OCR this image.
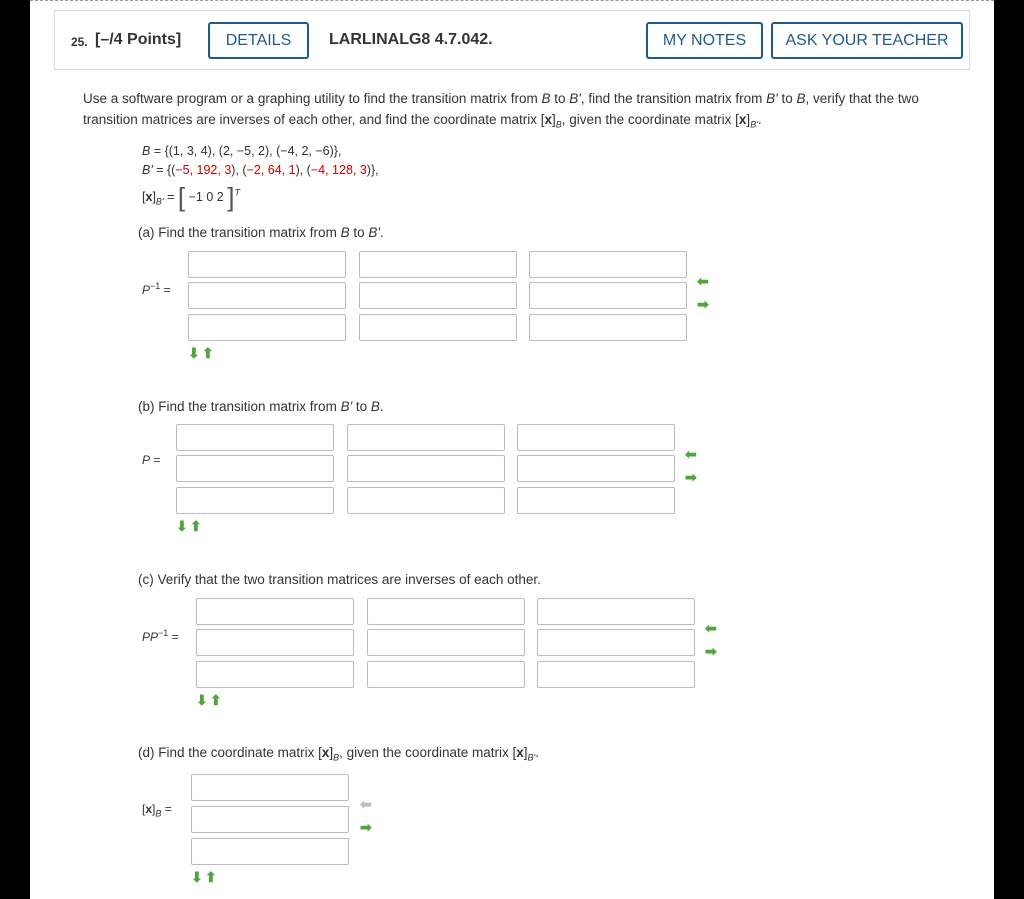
25. [–/4 Points]	DETAILS	LARLINALG8 4.7.042.	MY NOTES	ASK YOUR TEACHER
Use a software program or a graphing utility to find the transition matrix from B to B', find the transition matrix from B' to B, verify that the two transition matrices are inverses of each other, and find the coordinate matrix $[x]_B$, given the coordinate matrix $[x]_{B'}$.
B = {(1, 3, 4), (2, −5, 2), (−4, 2, −6)},
B' = {(−5, 192, 3), (−2, 64, 1), (−4, 128, 3)},
$[x]_{B'}$ = [ −1 0 2 ]$^T$
(a) Find the transition matrix from B to B'.
$P^{-1}$ =
⬅
➡
⬇ ⬆
(b) Find the transition matrix from B' to B.
P =	⬅
➡
⬇ ⬆
(c) Verify that the two transition matrices are inverses of each other.
$PP^{-1}$ =
⬅
➡
⬇ ⬆
(d) Find the coordinate matrix $[x]_B$, given the coordinate matrix $[x]_{B'}$.
$[x]_B$ =	⬅
➡
⬇ ⬆
